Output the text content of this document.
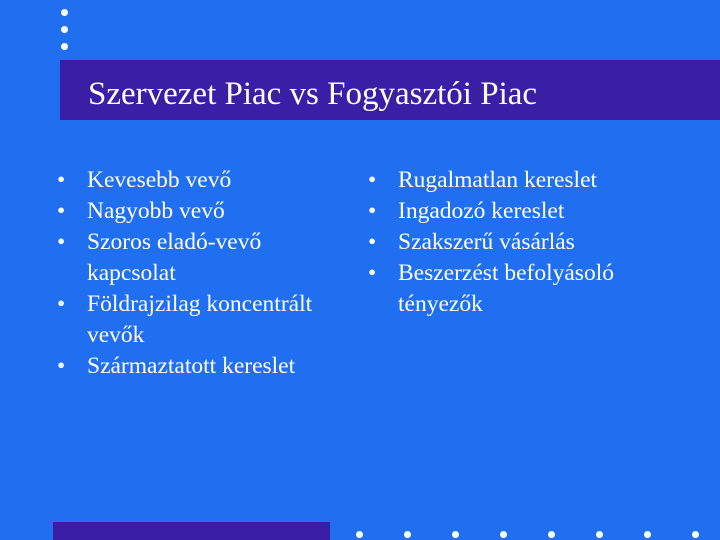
Szervezet Piac vs Fogyasztói Piac
• Kevesebb vevő
• Nagyobb vevő
• Szoros eladó-vevő kapcsolat
• Földrajzilag koncentrált vevők
• Származtatott kereslet
• Rugalmatlan kereslet
• Ingadozó kereslet
• Szakszerű vásárlás
• Beszerzést befolyásoló tényezők
